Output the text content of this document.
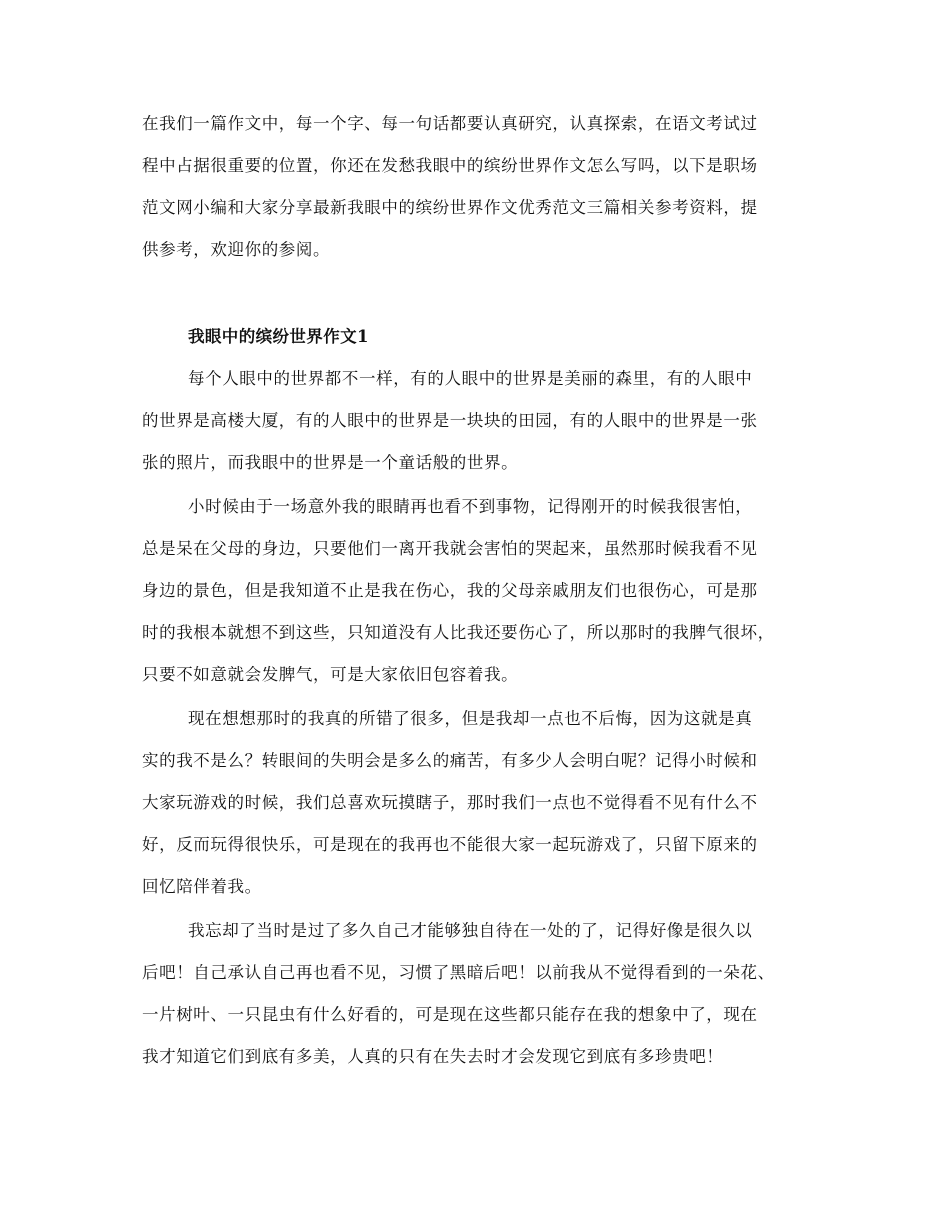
在我们一篇作文中，每一个字、每一句话都要认真研究，认真探索，在语文考试过
程中占据很重要的位置，你还在发愁我眼中的缤纷世界作文怎么写吗，以下是职场
范文网小编和大家分享最新我眼中的缤纷世界作文优秀范文三篇相关参考资料，提
供参考，欢迎你的参阅。
我眼中的缤纷世界作文1
每个人眼中的世界都不一样，有的人眼中的世界是美丽的森里，有的人眼中
的世界是高楼大厦，有的人眼中的世界是一块块的田园，有的人眼中的世界是一张
张的照片，而我眼中的世界是一个童话般的世界。
小时候由于一场意外我的眼睛再也看不到事物，记得刚开的时候我很害怕，
总是呆在父母的身边，只要他们一离开我就会害怕的哭起来，虽然那时候我看不见
身边的景色，但是我知道不止是我在伤心，我的父母亲戚朋友们也很伤心，可是那
时的我根本就想不到这些，只知道没有人比我还要伤心了，所以那时的我脾气很坏，
只要不如意就会发脾气，可是大家依旧包容着我。
现在想想那时的我真的所错了很多，但是我却一点也不后悔，因为这就是真
实的我不是么？转眼间的失明会是多么的痛苦，有多少人会明白呢？记得小时候和
大家玩游戏的时候，我们总喜欢玩摸瞎子，那时我们一点也不觉得看不见有什么不
好，反而玩得很快乐，可是现在的我再也不能很大家一起玩游戏了，只留下原来的
回忆陪伴着我。
我忘却了当时是过了多久自己才能够独自待在一处的了，记得好像是很久以
后吧！自己承认自己再也看不见，习惯了黑暗后吧！以前我从不觉得看到的一朵花、
一片树叶、一只昆虫有什么好看的，可是现在这些都只能存在我的想象中了，现在
我才知道它们到底有多美，人真的只有在失去时才会发现它到底有多珍贵吧！
